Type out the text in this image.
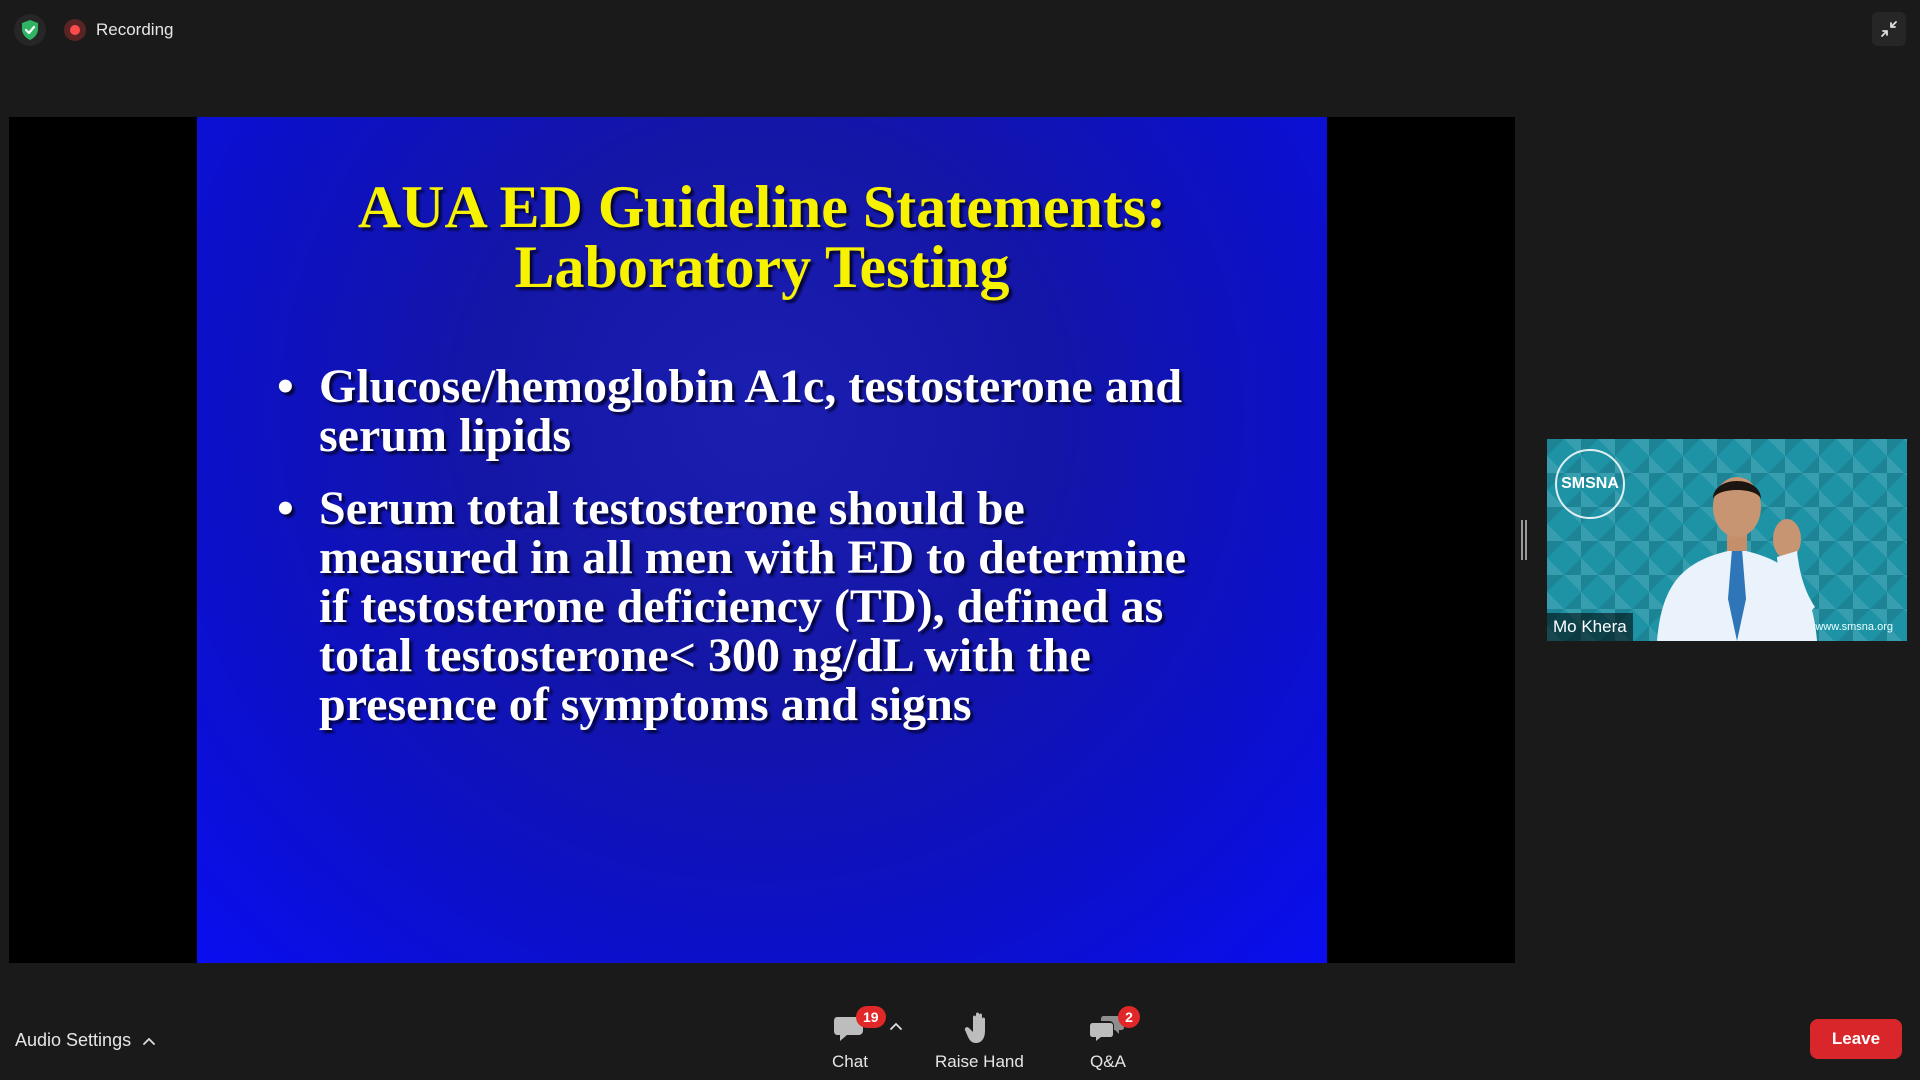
Recording
AUA ED Guideline Statements:
Laboratory Testing
• Glucose/hemoglobin A1c, testosterone and
serum lipids
• Serum total testosterone should be
measured in all men with ED to determine
if testosterone deficiency (TD), defined as
total testosterone< 300 ng/dL with the
presence of symptoms and signs
SMSNA
Mo Khera	www.smsna.org
Audio Settings
19
Chat	Raise Hand
2
Q&A
Leave
